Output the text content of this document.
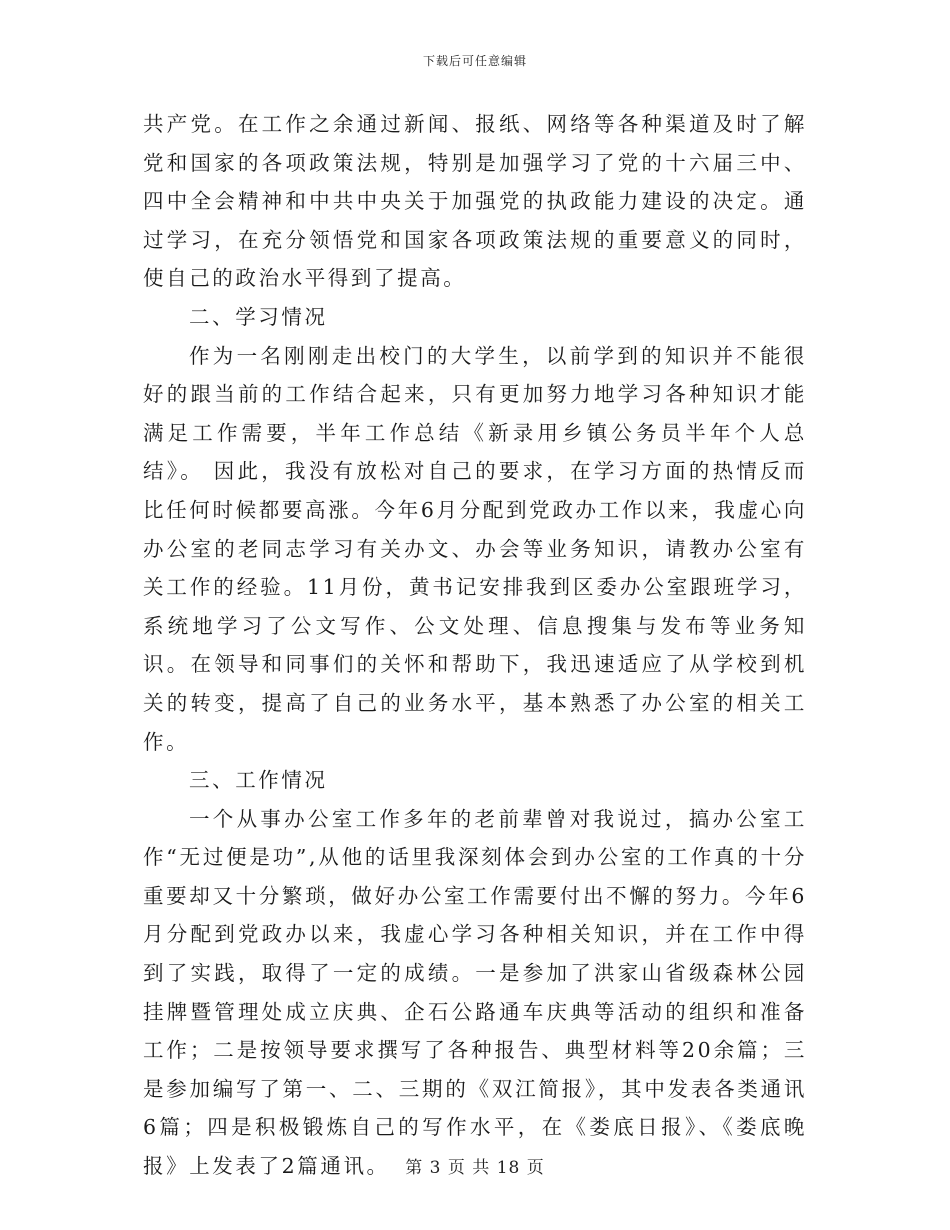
下载后可任意编辑

共产党。在工作之余通过新闻、报纸、网络等各种渠道及时了解党和国家的各项政策法规，特别是加强学习了党的十六届三中、四中全会精神和中共中央关于加强党的执政能力建设的决定。通过学习，在充分领悟党和国家各项政策法规的重要意义的同时，使自己的政治水平得到了提高。

二、学习情况

作为一名刚刚走出校门的大学生，以前学到的知识并不能很好的跟当前的工作结合起来，只有更加努力地学习各种知识才能满足工作需要，半年工作总结《新录用乡镇公务员半年个人总结》。 因此，我没有放松对自己的要求，在学习方面的热情反而比任何时候都要高涨。今年6月分配到党政办工作以来，我虚心向办公室的老同志学习有关办文、办会等业务知识，请教办公室有关工作的经验。11月份，黄书记安排我到区委办公室跟班学习，系统地学习了公文写作、公文处理、信息搜集与发布等业务知识。在领导和同事们的关怀和帮助下，我迅速适应了从学校到机关的转变，提高了自己的业务水平，基本熟悉了办公室的相关工作。

三、工作情况

一个从事办公室工作多年的老前辈曾对我说过，搞办公室工作“无过便是功”,从他的话里我深刻体会到办公室的工作真的十分重要却又十分繁琐，做好办公室工作需要付出不懈的努力。今年6月分配到党政办以来，我虚心学习各种相关知识，并在工作中得到了实践，取得了一定的成绩。一是参加了洪家山省级森林公园挂牌暨管理处成立庆典、企石公路通车庆典等活动的组织和准备工作；二是按领导要求撰写了各种报告、典型材料等20余篇；三是参加编写了第一、二、三期的《双江简报》，其中发表各类通讯6篇；四是积极锻炼自己的写作水平，在《娄底日报》、《娄底晚报》上发表了2篇通讯。 第 3 页 共 18 页
